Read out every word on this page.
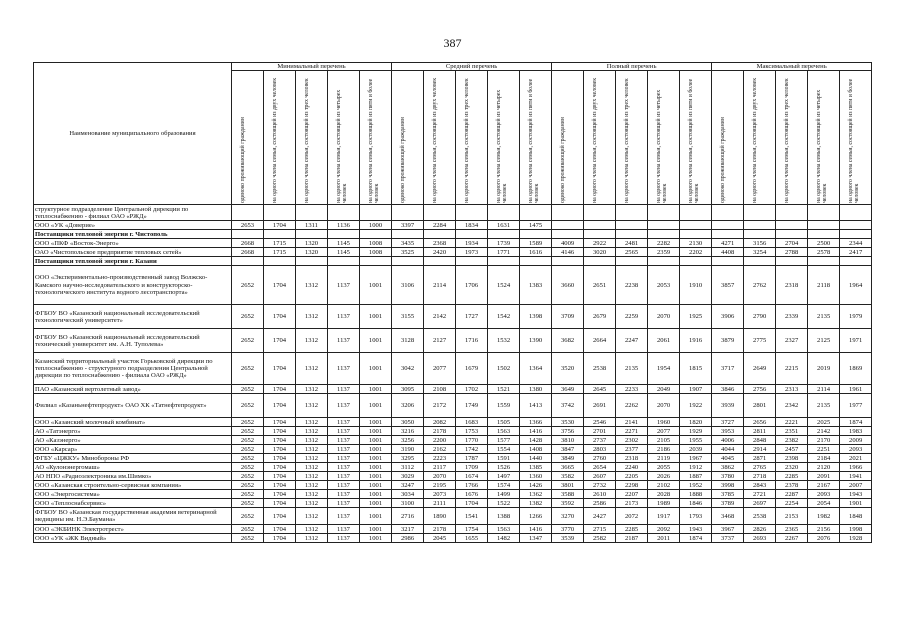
387
Наименование муниципального образования	Минимальный перечень					Средний перечень					Полный перечень					Максимальный перечень				

	одиноко проживающий гражданин	на одного члена семьи, состоящей из двух человек	на одного члена семьи, состоящей из трех человек	на одного члена семьи, состоящей из четырех человек	на одного члена семьи, состоящей из пяти и более человек	одиноко проживающий гражданин	на одного члена семьи, состоящей из двух человек	на одного члена семьи, состоящей из трех человек	на одного члена семьи, состоящей из четырех человек	на одного члена семьи, состоящей из пяти и более человек	одиноко проживающий гражданин	на одного члена семьи, состоящей из двух человек	на одного члена семьи, состоящей из трех человек	на одного члена семьи, состоящей из четырех человек	на одного члена семьи, состоящей из пяти и более человек	одиноко проживающий гражданин	на одного члена семьи, состоящей из двух человек	на одного члена семьи, состоящей из трех человек	на одного члена семьи, состоящей из четырех человек	на одного члена семьи, состоящей из пяти и более человек

структурное подразделение Центральной дирекции по теплоснабжению - филиал ОАО «РЖД»																				
ООО «УК «Доверие»	2653	1704	1311	1136	1000	3397	2284	1834	1631	1475										
Поставщики тепловой энергии г. Чистополь																				
ООО «ПКФ «Восток-Энерго»	2668	1715	1320	1145	1008	3435	2368	1934	1739	1589	4009	2922	2481	2282	2130	4271	3156	2704	2500	2344
ОАО «Чистопольское предприятие тепловых сетей»	2668	1715	1320	1145	1008	3525	2420	1973	1771	1616	4146	3020	2565	2359	2202	4408	3254	2788	2578	2417
Поставщики тепловой энергии г. Казани																				
ООО «Экспериментально-производственный завод Волжско-Камского научно-исследовательского и конструкторско-технологического института водного лесотранспорта»	2652	1704	1312	1137	1001	3106	2114	1706	1524	1383	3660	2651	2238	2053	1910	3857	2762	2318	2118	1964
ФГБОУ ВО «Казанский национальный исследовательский технологический университет»	2652	1704	1312	1137	1001	3155	2142	1727	1542	1398	3709	2679	2259	2070	1925	3906	2790	2339	2135	1979
ФГБОУ ВО «Казанский национальный исследовательский технический университет им. А.Н. Туполева»	2652	1704	1312	1137	1001	3128	2127	1716	1532	1390	3682	2664	2247	2061	1916	3879	2775	2327	2125	1971
Казанский территориальный участок Горьковской дирекции по теплоснабжению - структурного подразделения Центральной дирекции по теплоснабжению - филиала ОАО «РЖД»	2652	1704	1312	1137	1001	3042	2077	1679	1502	1364	3520	2538	2135	1954	1815	3717	2649	2215	2019	1869
ПАО «Казанский вертолетный завод»	2652	1704	1312	1137	1001	3095	2108	1702	1521	1380	3649	2645	2233	2049	1907	3846	2756	2313	2114	1961
Филиал «Казаньнефтепродукт» ОАО ХК «Татнефтепродукт»	2652	1704	1312	1137	1001	3206	2172	1749	1559	1413	3742	2691	2262	2070	1922	3939	2801	2342	2135	1977
ООО «Казанский молочный комбинат»	2652	1704	1312	1137	1001	3050	2082	1683	1505	1366	3530	2546	2141	1960	1820	3727	2656	2221	2025	1874
АО «Татэнерго»	2652	1704	1312	1137	1001	3216	2178	1753	1563	1416	3756	2701	2271	2077	1929	3953	2811	2351	2142	1983
АО «Казэнерго»	2652	1704	1312	1137	1001	3256	2200	1770	1577	1428	3810	2737	2302	2105	1955	4006	2848	2382	2170	2009
ООО «Карсар»	2652	1704	1312	1137	1001	3190	2162	1742	1554	1408	3847	2803	2377	2186	2039	4044	2914	2457	2251	2093
ФГБУ «ЦЖКУ» Минобороны РФ	2652	1704	1312	1137	1001	3295	2223	1787	1591	1440	3849	2760	2318	2119	1967	4045	2871	2398	2184	2021
АО «Кулонэнергомаш»	2652	1704	1312	1137	1001	3112	2117	1709	1526	1385	3665	2654	2240	2055	1912	3862	2765	2320	2120	1966
АО НПО «Радиоэлектроника им.Шимко»	2652	1704	1312	1137	1001	3029	2070	1674	1497	1360	3582	2607	2205	2026	1887	3780	2718	2285	2091	1941
ООО «Казанская строительно-сервисная компания»	2652	1704	1312	1137	1001	3247	2195	1766	1574	1426	3801	2732	2298	2102	1952	3998	2843	2378	2167	2007
ООО «Энергосистема»	2652	1704	1312	1137	1001	3034	2073	1676	1499	1362	3588	2610	2207	2028	1888	3785	2721	2287	2093	1943
ООО «Теплоснабсервис»	2652	1704	1312	1137	1001	3100	2111	1704	1522	1382	3592	2586	2173	1989	1846	3789	2697	2254	2054	1901
ФГБОУ ВО «Казанская государственная академия ветеринарной медицины им. Н.Э.Баумана»	2652	1704	1312	1137	1001	2716	1890	1541	1388	1266	3270	2427	2072	1917	1793	3468	2538	2153	1982	1848
ООО «ЭКБИНК Электротрест»	2652	1704	1312	1137	1001	3217	2178	1754	1563	1416	3770	2715	2285	2092	1943	3967	2826	2365	2156	1998
ООО «УК «ЖК Видный»	2652	1704	1312	1137	1001	2986	2045	1655	1482	1347	3539	2582	2187	2011	1874	3737	2693	2267	2076	1928
